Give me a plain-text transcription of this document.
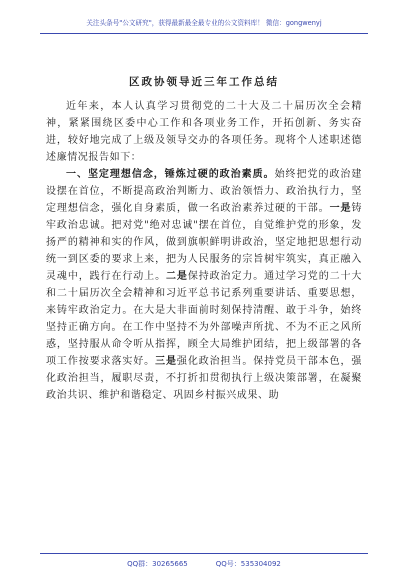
关注头条号"公文研究"，获得最新最全最专业的公文资料库！ 微信：gongwenyj
区政协领导近三年工作总结

近年来，本人认真学习贯彻党的二十大及二十届历次全会精神，紧紧围绕区委中心工作和各项业务工作，开拓创新、务实奋进，较好地完成了上级及领导交办的各项任务。现将个人述职述德述廉情况报告如下：

一、坚定理想信念，锤炼过硬的政治素质。始终把党的政治建设摆在首位，不断提高政治判断力、政治领悟力、政治执行力，坚定理想信念，强化自身素质，做一名政治素养过硬的干部。一是铸牢政治忠诚。把对党"绝对忠诚"摆在首位，自觉维护党的形象，发扬严的精神和实的作风，做到旗帜鲜明讲政治，坚定地把思想行动统一到区委的要求上来，把为人民服务的宗旨树牢筑实，真正融入灵魂中，践行在行动上。二是保持政治定力。通过学习党的二十大和二十届历次全会精神和习近平总书记系列重要讲话、重要思想，来铸牢政治定力。在大是大非面前时刻保持清醒、敢于斗争，始终坚持正确方向。在工作中坚持不为外部噪声所扰、不为不正之风所惑，坚持服从命令听从指挥，顾全大局维护团结，把上级部署的各项工作按要求落实好。三是强化政治担当。保持党员干部本色，强化政治担当，履职尽责，不打折扣贯彻执行上级决策部署，在凝聚政治共识、维护和谐稳定、巩固乡村振兴成果、助

QQ群：30265665	QQ号：535304092
